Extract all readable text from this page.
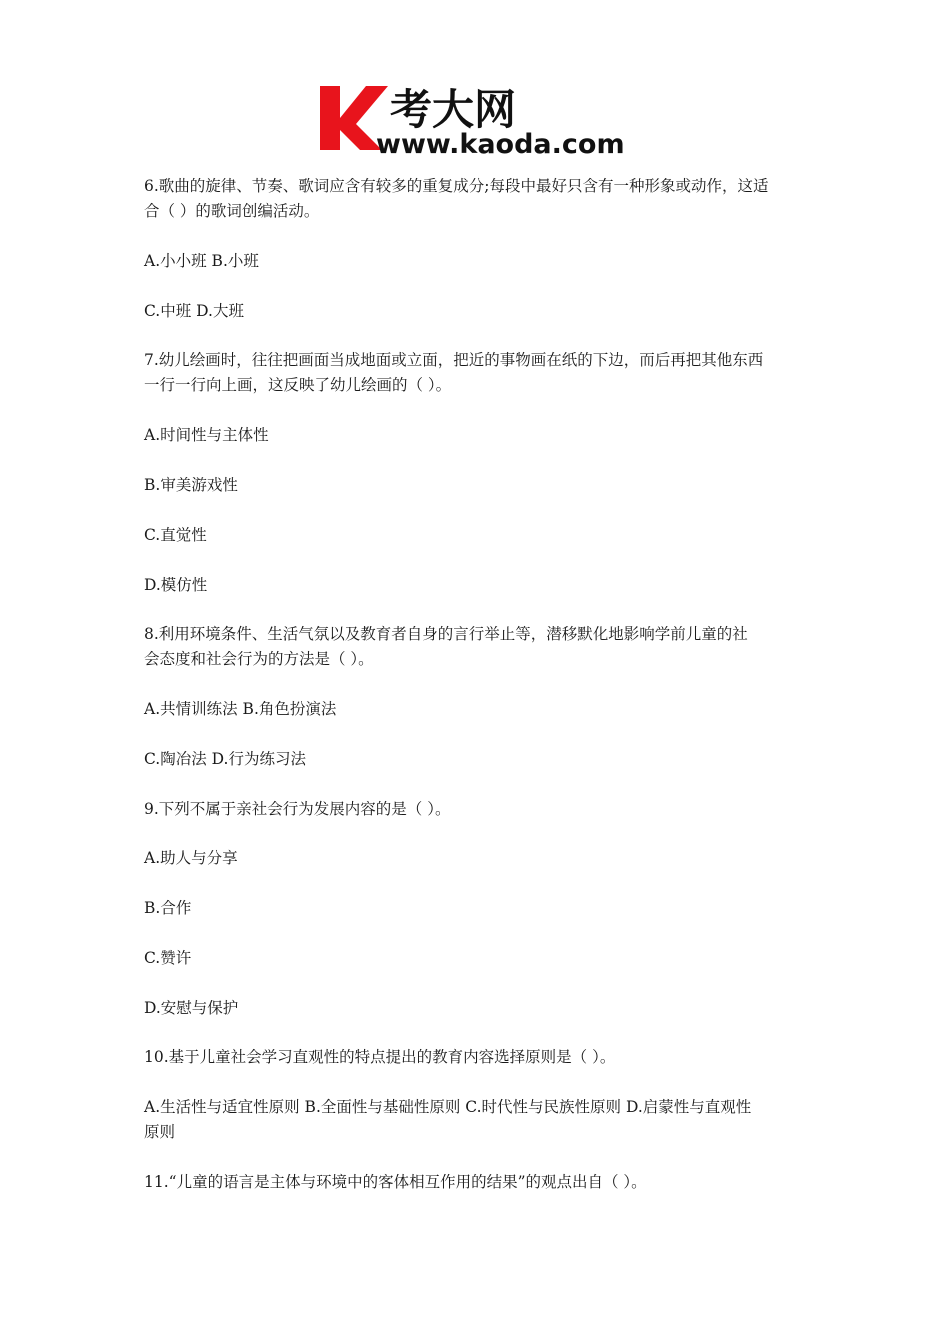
考大网
www.kaoda.com
6.歌曲的旋律、节奏、歌词应含有较多的重复成分;每段中最好只含有一种形象或动作，这适
合（ ）的歌词创编活动。
A.小小班 B.小班
C.中班 D.大班
7.幼儿绘画时，往往把画面当成地面或立面，把近的事物画在纸的下边，而后再把其他东西
一行一行向上画，这反映了幼儿绘画的（ ）。
A.时间性与主体性
B.审美游戏性
C.直觉性
D.模仿性
8.利用环境条件、生活气氛以及教育者自身的言行举止等，潜移默化地影响学前儿童的社
会态度和社会行为的方法是（ ）。
A.共情训练法 B.角色扮演法
C.陶冶法 D.行为练习法
9.下列不属于亲社会行为发展内容的是（ ）。
A.助人与分享
B.合作
C.赞许
D.安慰与保护
10.基于儿童社会学习直观性的特点提出的教育内容选择原则是（ ）。
A.生活性与适宜性原则 B.全面性与基础性原则 C.时代性与民族性原则 D.启蒙性与直观性
原则
11.“儿童的语言是主体与环境中的客体相互作用的结果”的观点出自（ ）。
